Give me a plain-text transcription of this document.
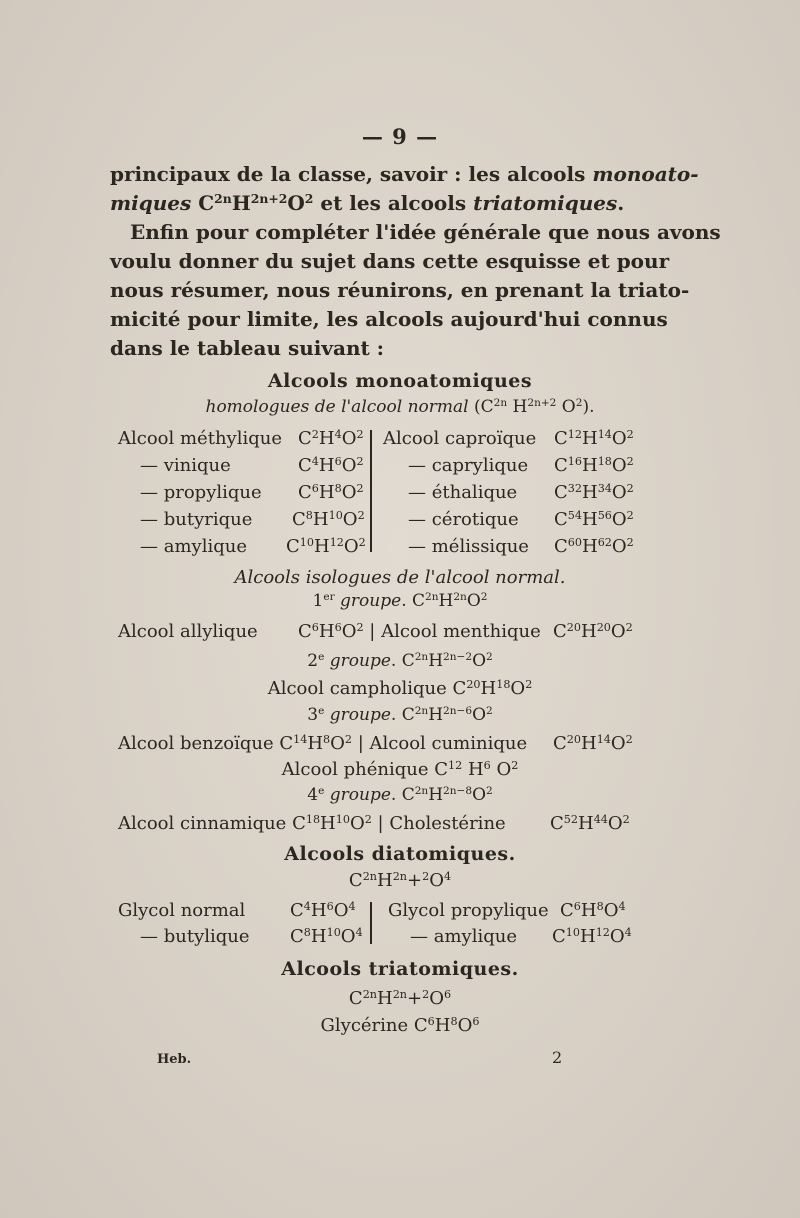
— 9 —
principaux de la classe, savoir : les alcools monoato-
miques $C^{2n}H^{2n+2}O^2$ et les alcools triatomiques.
Enfin pour compléter l'idée générale que nous avons
voulu donner du sujet dans cette esquisse et pour
nous résumer, nous réunirons, en prenant la triato-
micité pour limite, les alcools aujourd'hui connus
dans le tableau suivant :
Alcools monoatomiques
homologues de l'alcool normal ($C^{2n}$ $H^{2n+2}$ $O^2$).
Alcool méthylique $C^2H^4O^2$
— vinique	$C^4H^6O^2$
— propylique $C^6H^8O^2$
— butyrique $C^8H^{10}O^2$
— amylique $C^{10}H^{12}O^2$
Alcool caproïque $C^{12}H^{14}O^2$
— caprylique $C^{16}H^{18}O^2$
— éthalique $C^{32}H^{34}O^2$
— cérotique $C^{54}H^{56}O^2$
— mélissique $C^{60}H^{62}O^2$
Alcools isologues de l'alcool normal.
1er groupe. $C^{2n}H^{2n}O^2$
Alcool allylique $C^6H^6O^2$ | Alcool menthique $C^{20}H^{20}O^2$
2e groupe. $C^{2n}H^{2n-2}O^2$
Alcool campholique $C^{20}H^{18}O^2$
3e groupe. $C^{2n}H^{2n-6}O^2$
Alcool benzoïque $C^{14}H^8O^2$ | Alcool cuminique $C^{20}H^{14}O^2$
Alcool phénique $C^{12}$ $H^6$ $O^2$
4e groupe. $C^{2n}H^{2n-8}O^2$
Alcool cinnamique $C^{18}H^{10}O^2$ | Cholestérine $C^{52}H^{44}O^2$
Alcools diatomiques.
$C^{2n}H^{2n}+^2O^4$
Glycol normal $C^4H^6O^4$
— butylique $C^8H^{10}O^4$
Glycol propylique $C^6H^8O^4$
— amylique $C^{10}H^{12}O^4$
Alcools triatomiques.
$C^{2n}H^{2n}+^2O^6$
Glycérine $C^6H^8O^6$
Heb.	2
